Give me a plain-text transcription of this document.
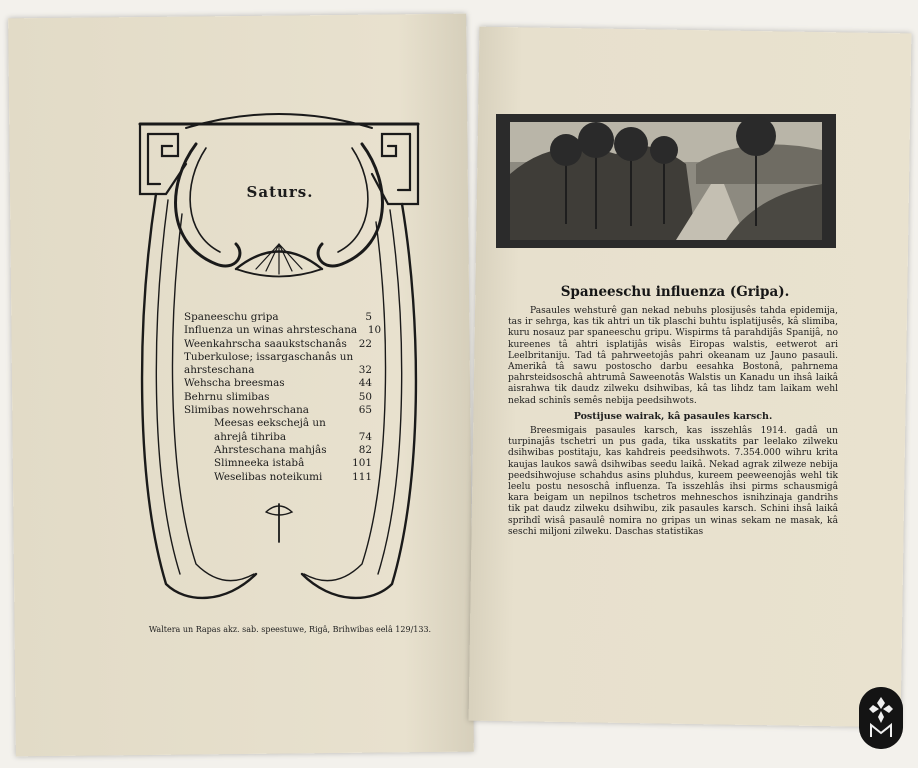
Saturs.
Spaneeschu gripa	5
Influenza un winas ahrsteschana	10
Weenkahrscha saaukstschanâs	22
Tuberkulose; issargaschanâs un
ahrsteschana	32
Wehscha breesmas	44
Behrnu slimibas	50
Slimibas nowehrschana	65
Meesas eekschejâ un
ahrejâ tihriba	74
Ahrsteschana mahjâs	82
Slimneeka istabâ	101
Weselibas noteikumi	111
Waltera un Rapas akz. sab. speestuwe, Rigâ, Brihwibas eelâ 129/133.
Spaneeschu influenza (Gripa).

Pasaules wehsturê gan nekad nebuhs plosijusês tahda epidemija, tas ir sehrga, kas tik ahtri un tik plaschi buhtu isplatijusês, kâ slimiba, kuru nosauz par spaneeschu gripu. Wispirms tâ parahdijâs Spanijâ, no kureenes tâ ahtri isplatijâs wisâs Eiropas walstis, eetwerot ari Leelbritaniju. Tad tâ pahrweetojâs pahri okeanam uz Jauno pasauli. Amerikâ tâ sawu postoscho darbu eesahka Bostonâ, pahrnema pahrsteidsoschâ ahtrumâ Saweenotâs Walstis un Kanadu un ihsâ laikâ aisrahwa tik daudz zilweku dsihwibas, kâ tas lihdz tam laikam wehl nekad schinîs semês nebija peedsihwots.

Postijuse wairak, kâ pasaules karsch.

Breesmigais pasaules karsch, kas isszehlâs 1914. gadâ un turpinajâs tschetri un pus gada, tika usskatits par leelako zilweku dsihwibas postitaju, kas kahdreis peedsihwots. 7.354.000 wihru krita kaujas laukos sawâ dsihwibas seedu laikâ. Nekad agrak zilweze nebija peedsihwojuse schahdus asins pluhdus, kureem peeweenojâs wehl tik leelu postu nesoschâ influenza. Ta isszehlâs ihsi pirms schausmigâ kara beigam un nepilnos tschetros mehneschos isnihzinaja gandrihs tik pat daudz zilweku dsihwibu, zik pasaules karsch. Schini ihsâ laikâ sprihdî wisâ pasaulê nomira no gripas un winas sekam ne masak, kâ seschi miljoni zilweku. Daschas statistikas
